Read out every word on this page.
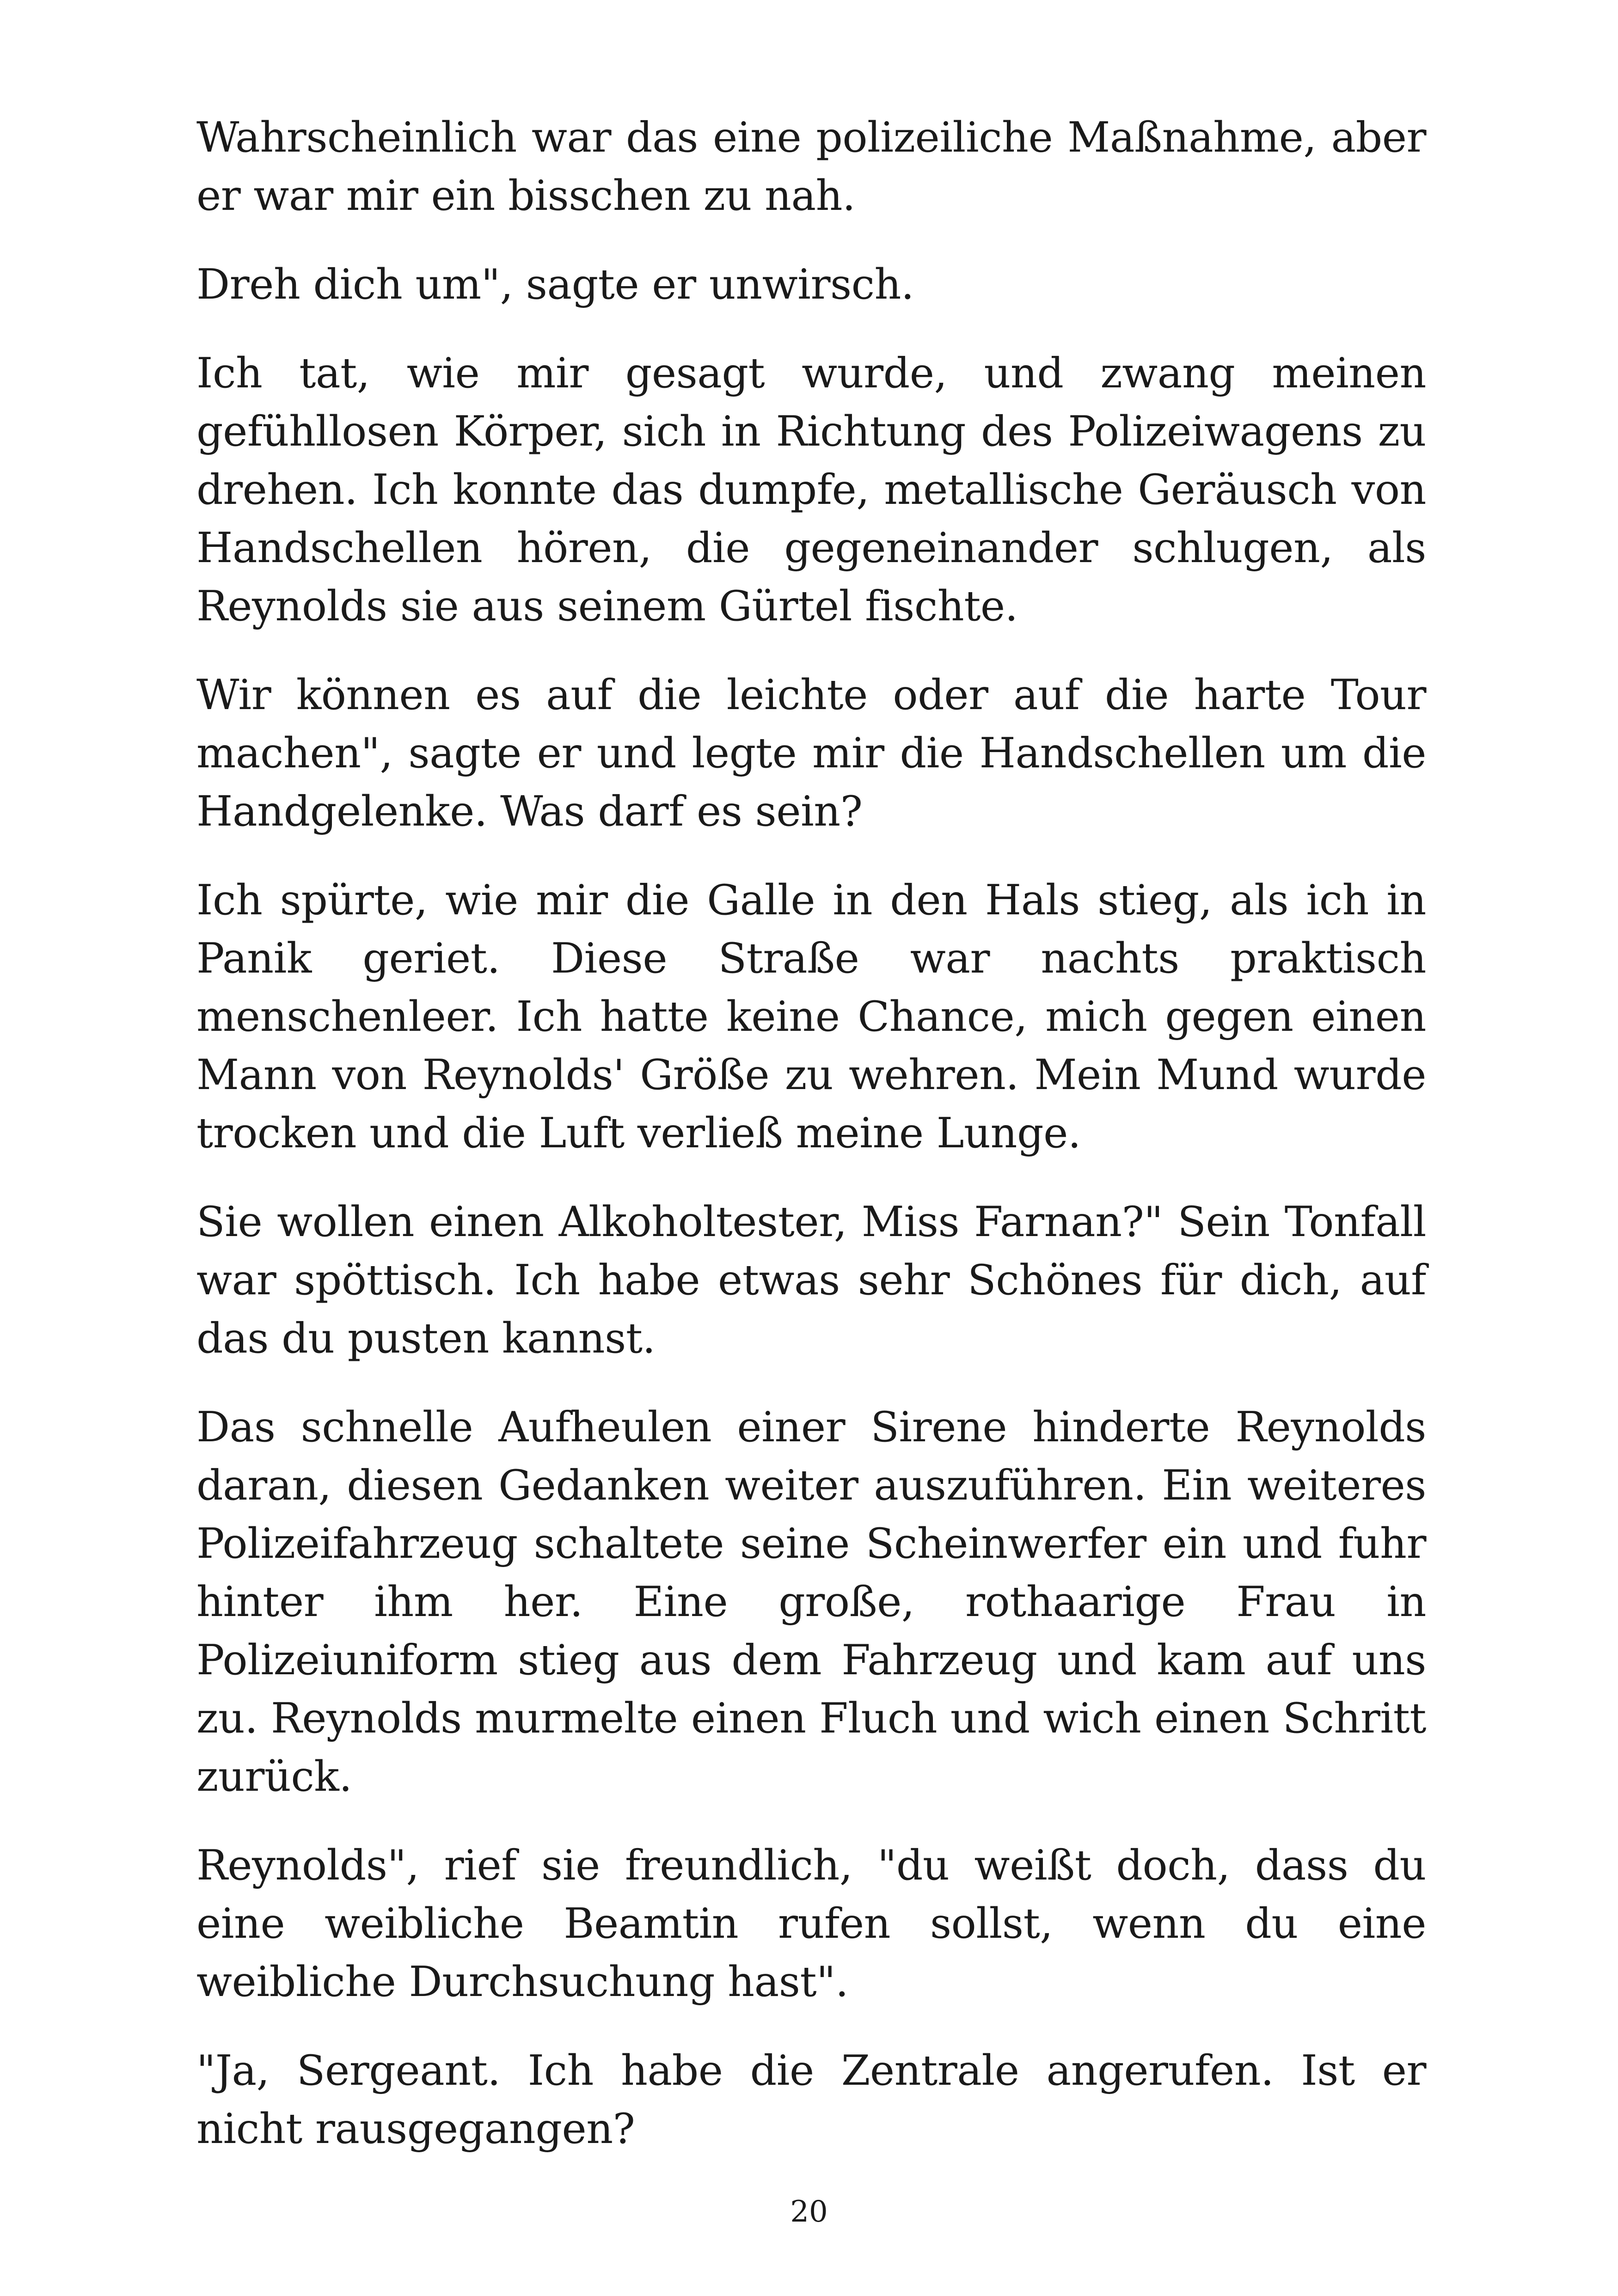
Wahrscheinlich war das eine polizeiliche Maßnahme, aber er war mir ein bisschen zu nah.

Dreh dich um", sagte er unwirsch.

Ich tat, wie mir gesagt wurde, und zwang meinen gefühllosen Körper, sich in Richtung des Polizeiwagens zu drehen. Ich konnte das dumpfe, metallische Geräusch von Handschellen hören, die gegeneinander schlugen, als Reynolds sie aus seinem Gürtel fischte.

Wir können es auf die leichte oder auf die harte Tour machen", sagte er und legte mir die Handschellen um die Handgelenke. Was darf es sein?

Ich spürte, wie mir die Galle in den Hals stieg, als ich in Panik geriet. Diese Straße war nachts praktisch menschenleer. Ich hatte keine Chance, mich gegen einen Mann von Reynolds' Größe zu wehren. Mein Mund wurde trocken und die Luft verließ meine Lunge.

Sie wollen einen Alkoholtester, Miss Farnan?" Sein Tonfall war spöttisch. Ich habe etwas sehr Schönes für dich, auf das du pusten kannst.

Das schnelle Aufheulen einer Sirene hinderte Reynolds daran, diesen Gedanken weiter auszuführen. Ein weiteres Polizeifahrzeug schaltete seine Scheinwerfer ein und fuhr hinter ihm her. Eine große, rothaarige Frau in Polizeiuniform stieg aus dem Fahrzeug und kam auf uns zu. Reynolds murmelte einen Fluch und wich einen Schritt zurück.

Reynolds", rief sie freundlich, "du weißt doch, dass du eine weibliche Beamtin rufen sollst, wenn du eine weibliche Durchsuchung hast".

"Ja, Sergeant. Ich habe die Zentrale angerufen. Ist er nicht rausgegangen?

20
